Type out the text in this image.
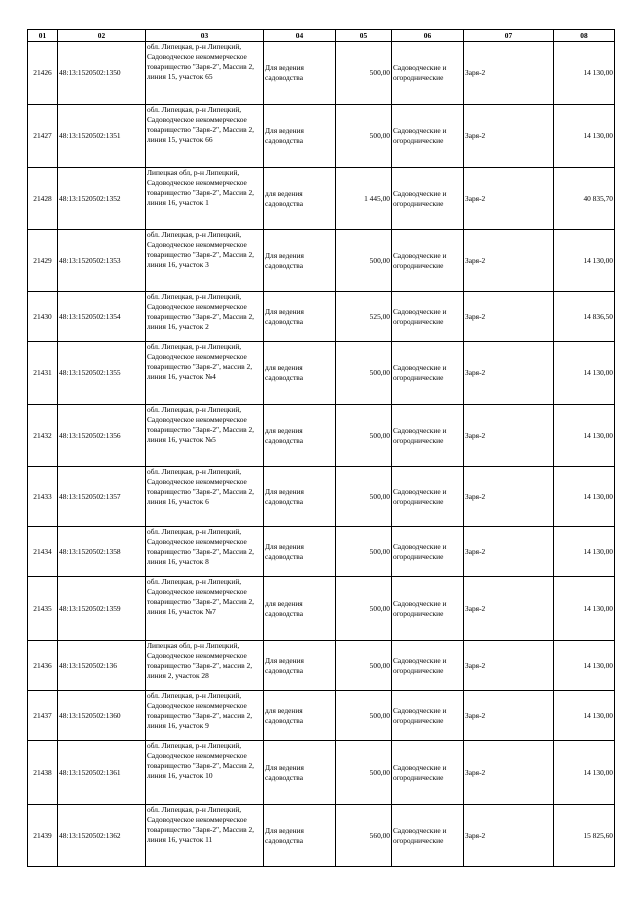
01	02	03	04	05	06	07	08

21426	48:13:1520502:1350	обл. Липецкая, р-н Липецкий, Садоводческое некоммерческое товарищество "Заря-2", Массив 2, линия 15, участок 65	Для ведения садоводства	500,00	Садоводческие и огороднические	Заря-2	14 130,00

21427	48:13:1520502:1351	обл. Липецкая, р-н Липецкий, Садоводческое некоммерческое товарищество "Заря-2", Массив 2, линия 15, участок 66	Для ведения садоводства	500,00	Садоводческие и огороднические	Заря-2	14 130,00

21428	48:13:1520502:1352	Липецкая обл, р-н Липецкий, Садоводческое некоммерческое товарищество "Заря-2", Массив 2, линия 16, участок 1	для ведения садоводства	1 445,00	Садоводческие и огороднические	Заря-2	40 835,70

21429	48:13:1520502:1353	обл. Липецкая, р-н Липецкий, Садоводческое некоммерческое товарищество "Заря-2", Массив 2, линия 16, участок 3	Для ведения садоводства	500,00	Садоводческие и огороднические	Заря-2	14 130,00

21430	48:13:1520502:1354	обл. Липецкая, р-н Липецкий, Садоводческое некоммерческое товарищество "Заря-2", Массив 2, линия 16, участок 2	Для ведения садоводства	525,00	Садоводческие и огороднические	Заря-2	14 836,50

21431	48:13:1520502:1355	обл. Липецкая, р-н Липецкий, Садоводческое некоммерческое товарищество "Заря-2", массив 2, линия 16, участок №4	для ведения садоводства	500,00	Садоводческие и огороднические	Заря-2	14 130,00

21432	48:13:1520502:1356	обл. Липецкая, р-н Липецкий, Садоводческое некоммерческое товарищество "Заря-2", Массив 2, линия 16, участок №5	для ведения садоводства	500,00	Садоводческие и огороднические	Заря-2	14 130,00

21433	48:13:1520502:1357	обл. Липецкая, р-н Липецкий, Садоводческое некоммерческое товарищество "Заря-2", Массив 2, линия 16, участок 6	Для ведения садоводства	500,00	Садоводческие и огороднические	Заря-2	14 130,00

21434	48:13:1520502:1358	обл. Липецкая, р-н Липецкий, Садоводческое некоммерческое товарищество "Заря-2", Массив 2, линия 16, участок 8	Для ведения садоводства	500,00	Садоводческие и огороднические	Заря-2	14 130,00

21435	48:13:1520502:1359	обл. Липецкая, р-н Липецкий, Садоводческое некоммерческое товарищество "Заря-2", Массив 2, линия 16, участок №7	для ведения садоводства	500,00	Садоводческие и огороднические	Заря-2	14 130,00

21436	48:13:1520502:136	Липецкая обл, р-н Липецкий, Садоводческое некоммерческое товарищество "Заря-2", массив 2, линия 2, участок 28	Для ведения садоводства	500,00	Садоводческие и огороднические	Заря-2	14 130,00

21437	48:13:1520502:1360	обл. Липецкая, р-н Липецкий, Садоводческое некоммерческое товарищество "Заря-2", массив 2, линия 16, участок 9	для ведения садоводства	500,00	Садоводческие и огороднические	Заря-2	14 130,00

21438	48:13:1520502:1361	обл. Липецкая, р-н Липецкий, Садоводческое некоммерческое товарищество "Заря-2", Массив 2, линия 16, участок 10	Для ведения садоводства	500,00	Садоводческие и огороднические	Заря-2	14 130,00

21439	48:13:1520502:1362	обл. Липецкая, р-н Липецкий, Садоводческое некоммерческое товарищество "Заря-2", Массив 2, линия 16, участок 11	Для ведения садоводства	560,00	Садоводческие и огороднические	Заря-2	15 825,60
